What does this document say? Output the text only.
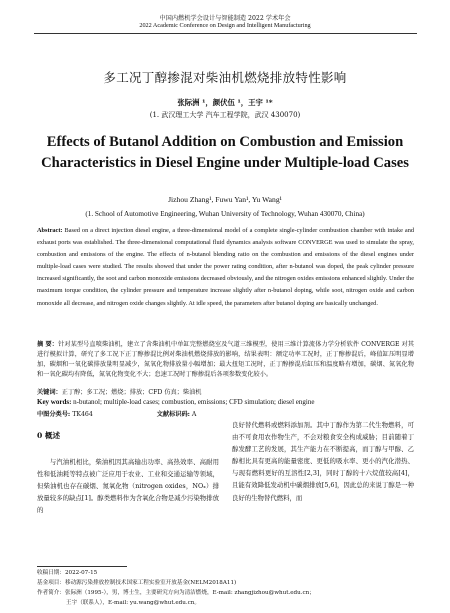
中国内燃机学会设计与智能制造 2022 学术年会
2022 Academic Conference on Design and Intelligent Manufacturing
多工况丁醇掺混对柴油机燃烧排放特性影响
张际洲 ¹，颜伏伍 ¹，王宇 ¹*
(1. 武汉理工大学 汽车工程学院，武汉 430070)
Effects of Butanol Addition on Combustion and Emission Characteristics in Diesel Engine under Multiple-load Cases
Jizhou Zhang¹, Fuwu Yan¹, Yu Wang¹
(1. School of Automotive Engineering, Wuhan University of Technology, Wuhan 430070, China)
Abstract: Based on a direct injection diesel engine, a three-dimensional model of a complete single-cylinder combustion chamber with intake and exhaust ports was established. The three-dimensional computational fluid dynamics analysis software CONVERGE was used to simulate the spray, combustion and emissions of the engine. The effects of n-butanol blending ratio on the combustion and emissions of the diesel engines under multiple-load cases were studied. The results showed that under the power rating condition, after n-butanol was doped, the peak cylinder pressure increased significantly, the soot and carbon monoxide emissions decreased obviously, and the nitrogen oxides emissions enhanced slightly. Under the maximum torque condition, the cylinder pressure and temperature increase slightly after n-butanol doping, while soot, nitrogen oxide and carbon monoxide all decrease, and nitrogen oxide changes slightly. At idle speed, the parameters after butanol doping are basically unchanged.
摘 要：针对某型号直喷柴油机，建立了含柴油机中单缸完整燃烧室及气道三维模型，使用三维计算流体力学分析软件 CONVERGE 对其进行模拟计算，研究了多工况下正丁醇掺混比例对柴油机燃烧排放的影响，结果表明：额定功率工况时，正丁醇掺混后，峰值缸压明显增加，碳烟和一氧化碳排放量明显减少，氮氧化物排放量小幅增加；最大扭矩工况时，正丁醇掺混后缸压和温度略有增加，碳烟、氮氧化物和一氧化碳均有降低，氮氧化物变化不大；怠速工况时丁醇掺混后各项参数变化较小。
关键词：正丁醇；多工况；燃烧；排放；CFD 仿真；柴油机
Key words: n-butanol; multiple-load cases; combustion, emissions; CFD simulation; diesel engine
中图分类号: TK464	文献标识码: A
0 概述
与汽油机相比，柴油机因其高输出功率、高热效率、高耐用性和低油耗等特点被广泛应用于农业、工业和交通运输等领域，但柴油机也存在碳烟、氮氧化物（nitrogen oxides，NOₓ）排放量较多的缺点[1]。醇类燃料作为含氧化合物是减少污染物排放的
良好替代燃料或燃料添加剂。其中丁醇作为第二代生物燃料，可由不可食用农作物生产，不会对粮食安全构成威胁；目前随着丁醇发酵工艺的发展，其生产能力在不断提高，而丁醇与甲醇、乙醇相比具有更高的能量密度、更低的吸水率、更小的汽化潜热、与现有燃料更好的互溶性[2,3]，同时丁醇的十六烷值较高[4]，且能有效降低发动机中碳烟排放[5,6]，因此总的来说丁醇是一种良好的生物替代燃料，而
收稿日期：2022-07-15
基金项目：移动源污染排放控制技术国家工程实验室开放基金(NELM2018A11)
作者简介：张际洲（1995-），男，博士生，主要研究方向为清洁燃烧，E-mail: zhangjizhou@whut.edu.cn；
王宇（联系人），E-mail: yu.wang@whut.edu.cn。
